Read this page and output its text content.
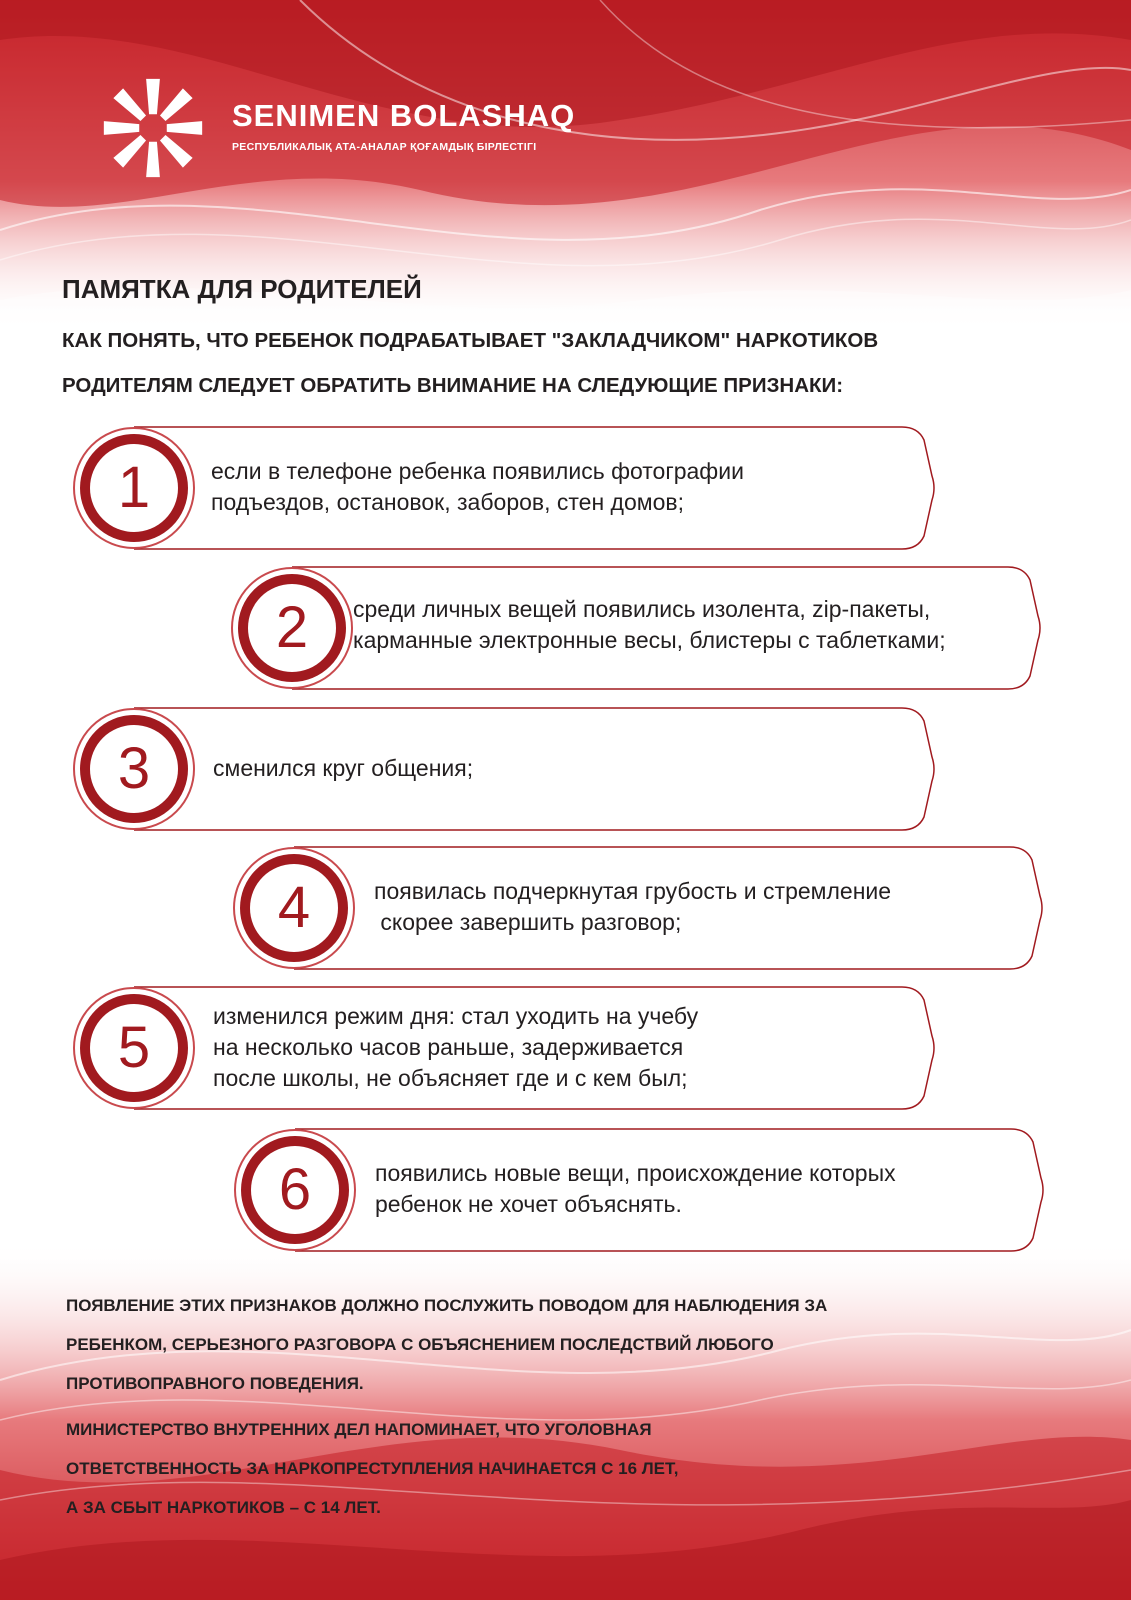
SENIMEN BOLASHAQ
РЕСПУБЛИКАЛЫҚ АТА-АНАЛАР ҚОҒАМДЫҚ БІРЛЕСТІГІ
ПАМЯТКА ДЛЯ РОДИТЕЛЕЙ
КАК ПОНЯТЬ, ЧТО РЕБЕНОК ПОДРАБАТЫВАЕТ "ЗАКЛАДЧИКОМ" НАРКОТИКОВ
РОДИТЕЛЯМ СЛЕДУЕТ ОБРАТИТЬ ВНИМАНИЕ НА СЛЕДУЮЩИЕ ПРИЗНАКИ:
1	если в телефоне ребенка появились фотографии
подъездов, остановок, заборов, стен домов;
2	среди личных вещей появились изолента, zip-пакеты,
карманные электронные весы, блистеры с таблетками;
3	сменился круг общения;
4	появилась подчеркнутая грубость и стремление
скорее завершить разговор;
5	изменился режим дня: стал уходить на учебу
на несколько часов раньше, задерживается
после школы, не объясняет где и с кем был;
6	появились новые вещи, происхождение которых
ребенок не хочет объяснять.
ПОЯВЛЕНИЕ ЭТИХ ПРИЗНАКОВ ДОЛЖНО ПОСЛУЖИТЬ ПОВОДОМ ДЛЯ НАБЛЮДЕНИЯ ЗА
РЕБЕНКОМ, СЕРЬЕЗНОГО РАЗГОВОРА С ОБЪЯСНЕНИЕМ ПОСЛЕДСТВИЙ ЛЮБОГО
ПРОТИВОПРАВНОГО ПОВЕДЕНИЯ.
МИНИСТЕРСТВО ВНУТРЕННИХ ДЕЛ НАПОМИНАЕТ, ЧТО УГОЛОВНАЯ
ОТВЕТСТВЕННОСТЬ ЗА НАРКОПРЕСТУПЛЕНИЯ НАЧИНАЕТСЯ С 16 ЛЕТ,
А ЗА СБЫТ НАРКОТИКОВ – С 14 ЛЕТ.
